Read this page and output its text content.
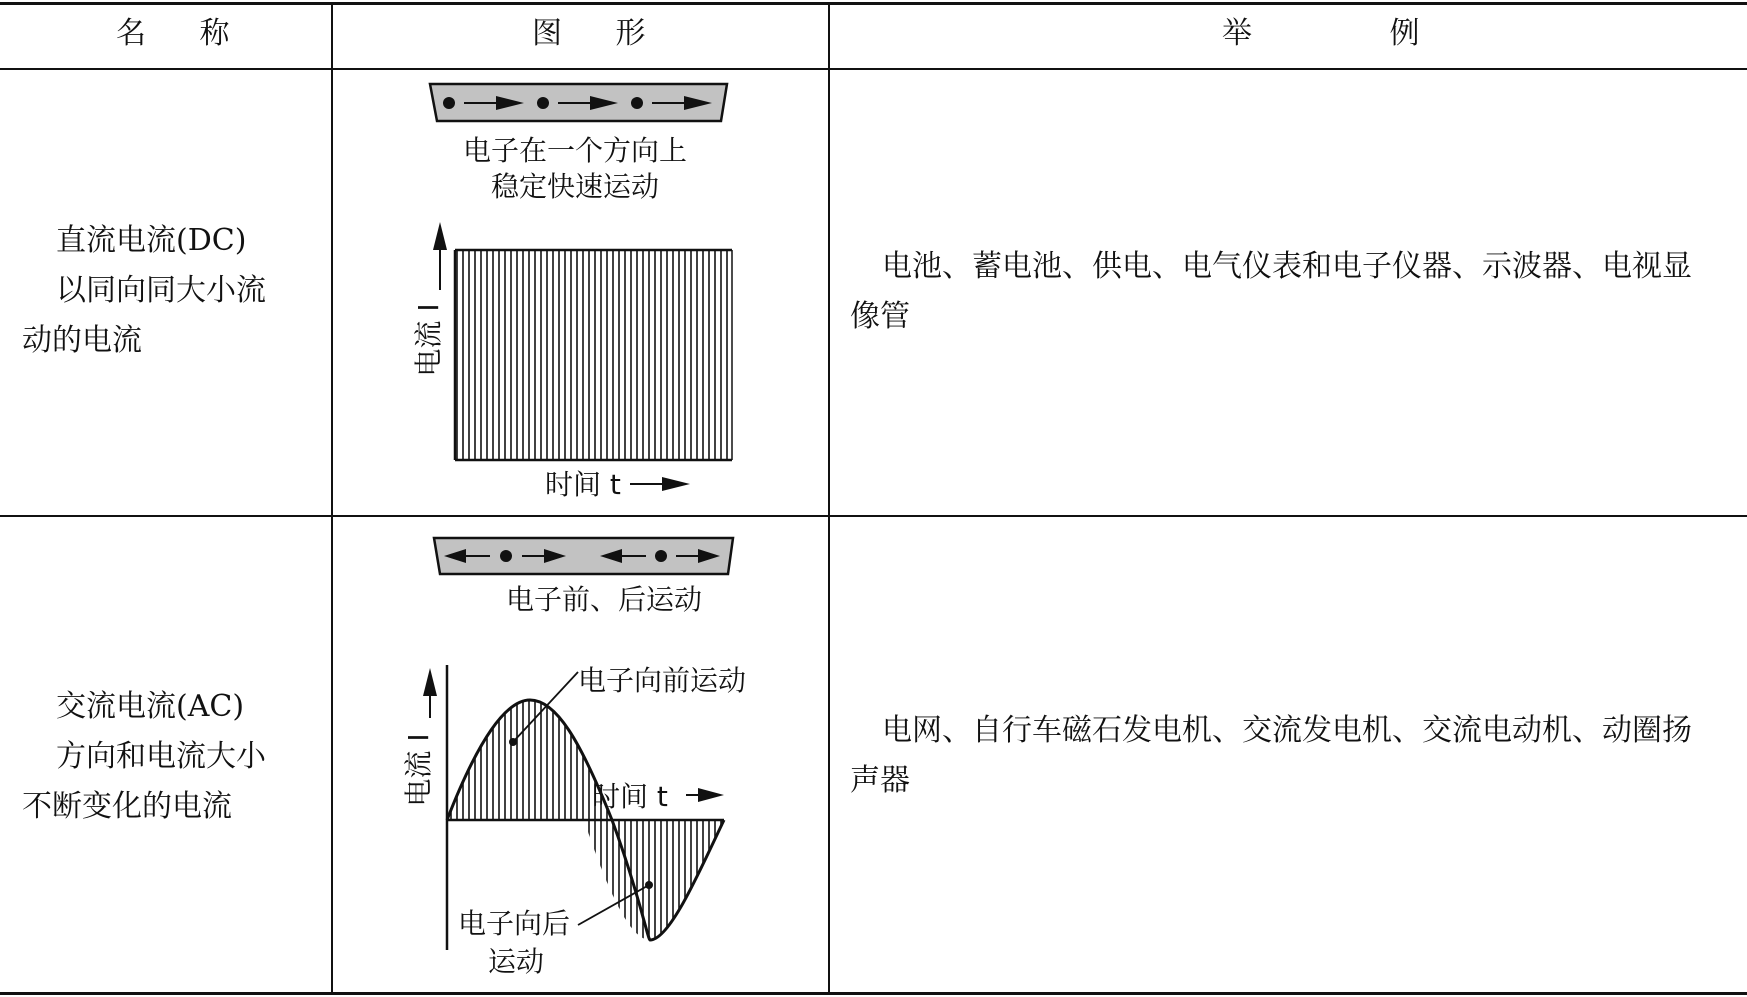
名 称	图 形	举 例
直流电流(DC)
以同向同大小流
动的电流
电池、蓄电池、供电、电气仪表和电子仪器、示波器、电视显
像管
交流电流(AC)
方向和电流大小
不断变化的电流
电网、自行车磁石发电机、交流发电机、交流电动机、动圈扬
声器
电子在一个方向上
稳定快速运动
电流 I
时间 t
电子前、后运动
电流 I
时间 t
电子向前运动
电子向后
运动
